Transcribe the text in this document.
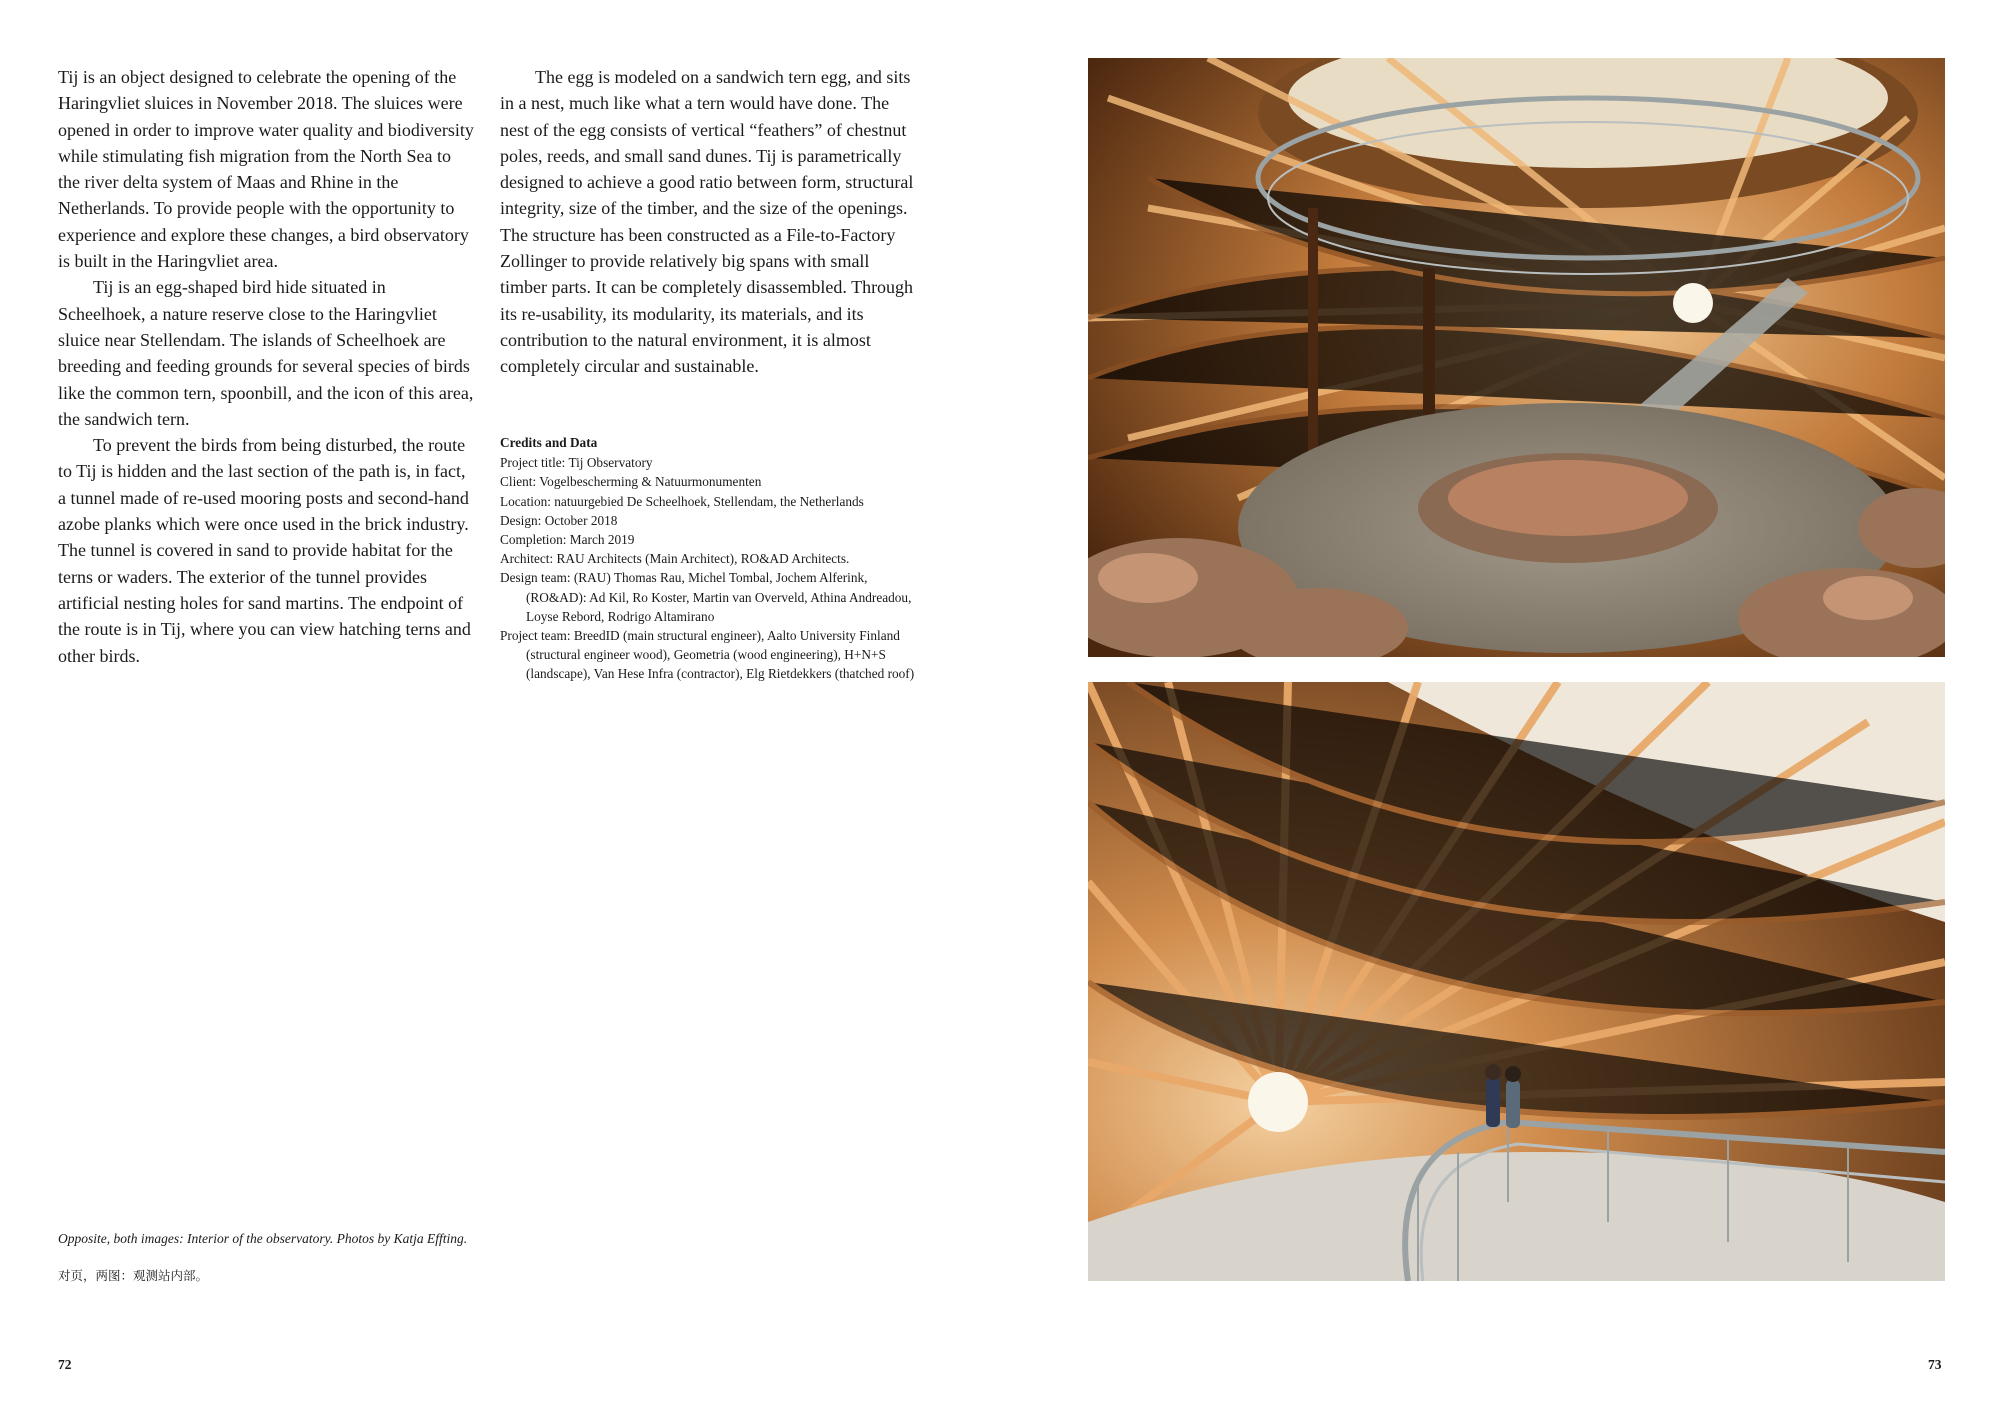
Tij is an object designed to celebrate the opening of the Haringvliet sluices in November 2018. The sluices were opened in order to improve water quality and biodiversity while stimulating fish migration from the North Sea to the river delta system of Maas and Rhine in the Netherlands. To provide people with the opportunity to experience and explore these changes, a bird observatory is built in the Haringvliet area.

Tij is an egg-shaped bird hide situated in Scheelhoek, a nature reserve close to the Haringvliet sluice near Stellendam. The islands of Scheelhoek are breeding and feeding grounds for several species of birds like the common tern, spoonbill, and the icon of this area, the sandwich tern.

To prevent the birds from being disturbed, the route to Tij is hidden and the last section of the path is, in fact, a tunnel made of re-used mooring posts and second-hand azobe planks which were once used in the brick industry. The tunnel is covered in sand to provide habitat for the terns or waders. The exterior of the tunnel provides artificial nesting holes for sand martins. The endpoint of the route is in Tij, where you can view hatching terns and other birds.

The egg is modeled on a sandwich tern egg, and sits in a nest, much like what a tern would have done. The nest of the egg consists of vertical “feathers” of chestnut poles, reeds, and small sand dunes. Tij is parametrically designed to achieve a good ratio between form, structural integrity, size of the timber, and the size of the openings. The structure has been constructed as a File-to-Factory Zollinger to provide relatively big spans with small timber parts. It can be completely disassembled. Through its re-usability, its modularity, its materials, and its contribution to the natural environment, it is almost completely circular and sustainable.

Credits and Data

Project title: Tij Observatory

Client: Vogelbescherming & Natuurmonumenten

Location: natuurgebied De Scheelhoek, Stellendam, the Netherlands

Design: October 2018

Completion: March 2019

Architect: RAU Architects (Main Architect), RO&AD Architects.

Design team: (RAU) Thomas Rau, Michel Tombal, Jochem Alferink, (RO&AD): Ad Kil, Ro Koster, Martin van Overveld, Athina Andreadou, Loyse Rebord, Rodrigo Altamirano

Project team: BreedID (main structural engineer), Aalto University Finland (structural engineer wood), Geometria (wood engineering), H+N+S (landscape), Van Hese Infra (contractor), Elg Rietdekkers (thatched roof)

Opposite, both images: Interior of the observatory. Photos by Katja Effting.
对页，两图：观测站内部。
72	73
